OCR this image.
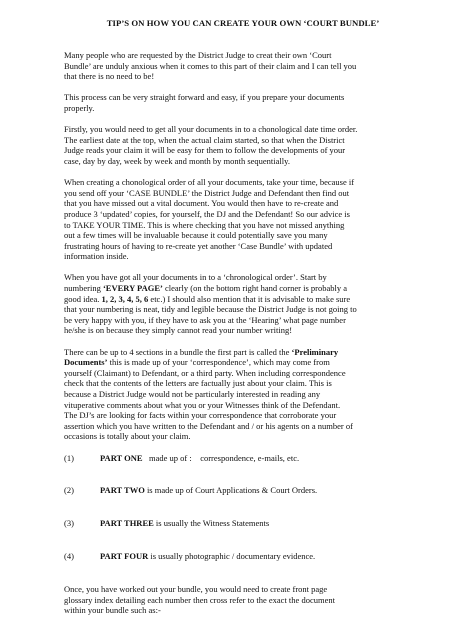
TIP’S ON HOW YOU CAN CREATE YOUR OWN ‘COURT BUNDLE’
Many people who are requested by the District Judge to creat their own ‘Court
Bundle’ are unduly anxious when it comes to this part of their claim and I can tell you
that there is no need to be!
This process can be very straight forward and easy, if you prepare your documents
properly.
Firstly, you would need to get all your documents in to a chonological date time order.
The earliest date at the top, when the actual claim started, so that when the District
Judge reads your claim it will be easy for them to follow the developments of your
case, day by day, week by week and month by month sequentially.
When creating a chonological order of all your documents, take your time, because if
you send off your ‘CASE BUNDLE’ the District Judge and Defendant then find out
that you have missed out a vital document. You would then have to re-create and
produce 3 ‘updated’ copies, for yourself, the DJ and the Defendant! So our advice is
to TAKE YOUR TIME. This is where checking that you have not missed anything
out a few times will be invaluable because it could potentially save you many
frustrating hours of having to re-create yet another ‘Case Bundle’ with updated
information inside.
When you have got all your documents in to a ‘chronological order’. Start by
numbering ‘EVERY PAGE’ clearly (on the bottom right hand corner is probably a
good idea. 1, 2, 3, 4, 5, 6 etc.) I should also mention that it is advisable to make sure
that your numbering is neat, tidy and legible because the District Judge is not going to
be very happy with you, if they have to ask you at the ‘Hearing’ what page number
he/she is on because they simply cannot read your number writing!
There can be up to 4 sections in a bundle the first part is called the ‘Preliminary
Documents’ this is made up of your ‘correspondence’, which may come from
yourself (Claimant) to Defendant, or a third party. When including correspondence
check that the contents of the letters are factually just about your claim. This is
because a District Judge would not be particularly interested in reading any
vituperative comments about what you or your Witnesses think of the Defendant.
The DJ’s are looking for facts within your correspondence that corroborate your
assertion which you have written to the Defendant and / or his agents on a number of
occasions is totally about your claim.
(1)	PART ONE   made up of :    correspondence, e-mails, etc.
(2)	PART TWO is made up of Court Applications & Court Orders.
(3)	PART THREE is usually the Witness Statements
(4)	PART FOUR is usually photographic / documentary evidence.
Once, you have worked out your bundle, you would need to create front page
glossary index detailing each number then cross refer to the exact the document
within your bundle such as:-
